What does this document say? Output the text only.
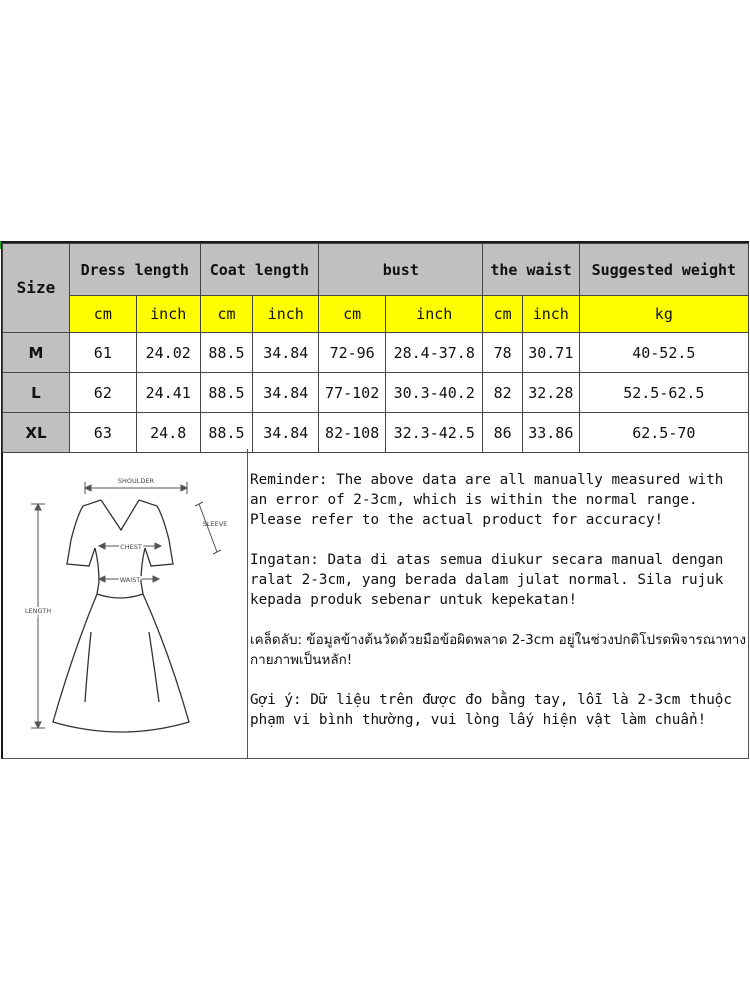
Size	Dress length		Coat length		bust		the waist		Suggested weight
	cm	inch	cm	inch	cm	inch	cm	inch	kg
M	61	24.02	88.5	34.84	72-96	28.4-37.8	78	30.71	40-52.5
L	62	24.41	88.5	34.84	77-102	30.3-40.2	82	32.28	52.5-62.5
XL	63	24.8	88.5	34.84	82-108	32.3-42.5	86	33.86	62.5-70
SHOULDER
SLEEVE
CHEST
WAIST
LENGTH

Reminder: The above data are all manually measured with an error of 2-3cm, which is within the normal range. Please refer to the actual product for accuracy!

Ingatan: Data di atas semua diukur secara manual dengan ralat 2-3cm, yang berada dalam julat normal. Sila rujuk kepada produk sebenar untuk kepekatan!

เคล็ดลับ: ข้อมูลข้างต้นวัดด้วยมือข้อผิดพลาด 2-3cm อยู่ในช่วงปกติโปรดพิจารณาทางกายภาพเป็นหลัก!

Gợi ý: Dữ liệu trên được đo bằng tay, lỗi là 2-3cm thuộc phạm vi bình thường, vui lòng lấy hiện vật làm chuẩn!
